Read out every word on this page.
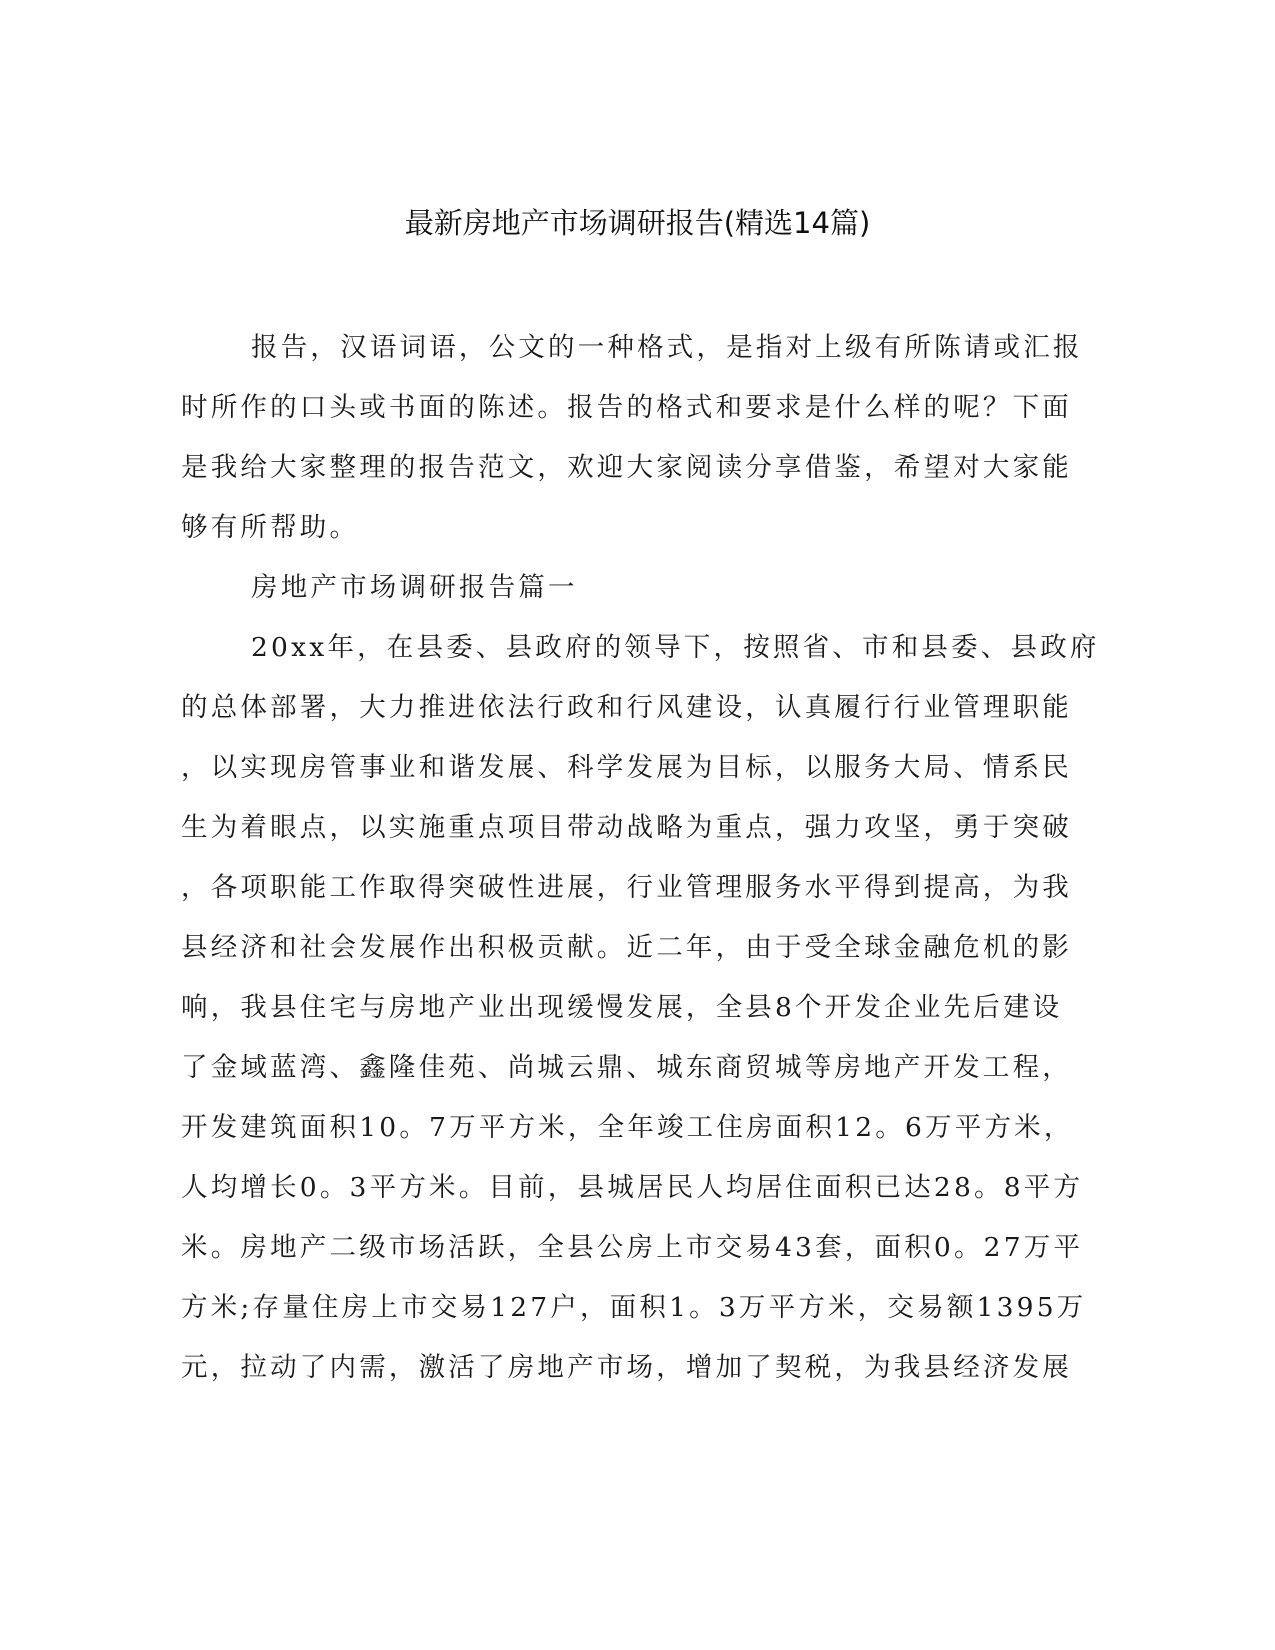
最新房地产市场调研报告(精选14篇)
报告，汉语词语，公文的一种格式，是指对上级有所陈请或汇报
时所作的口头或书面的陈述。报告的格式和要求是什么样的呢？下面
是我给大家整理的报告范文，欢迎大家阅读分享借鉴，希望对大家能
够有所帮助。
房地产市场调研报告篇一
20xx年，在县委、县政府的领导下，按照省、市和县委、县政府
的总体部署，大力推进依法行政和行风建设，认真履行行业管理职能
，以实现房管事业和谐发展、科学发展为目标，以服务大局、情系民
生为着眼点，以实施重点项目带动战略为重点，强力攻坚，勇于突破
，各项职能工作取得突破性进展，行业管理服务水平得到提高，为我
县经济和社会发展作出积极贡献。近二年，由于受全球金融危机的影
响，我县住宅与房地产业出现缓慢发展，全县8个开发企业先后建设
了金域蓝湾、鑫隆佳苑、尚城云鼎、城东商贸城等房地产开发工程，
开发建筑面积10。7万平方米，全年竣工住房面积12。6万平方米，
人均增长0。3平方米。目前，县城居民人均居住面积已达28。8平方
米。房地产二级市场活跃，全县公房上市交易43套，面积0。27万平
方米;存量住房上市交易127户，面积1。3万平方米，交易额1395万
元，拉动了内需，激活了房地产市场，增加了契税，为我县经济发展
